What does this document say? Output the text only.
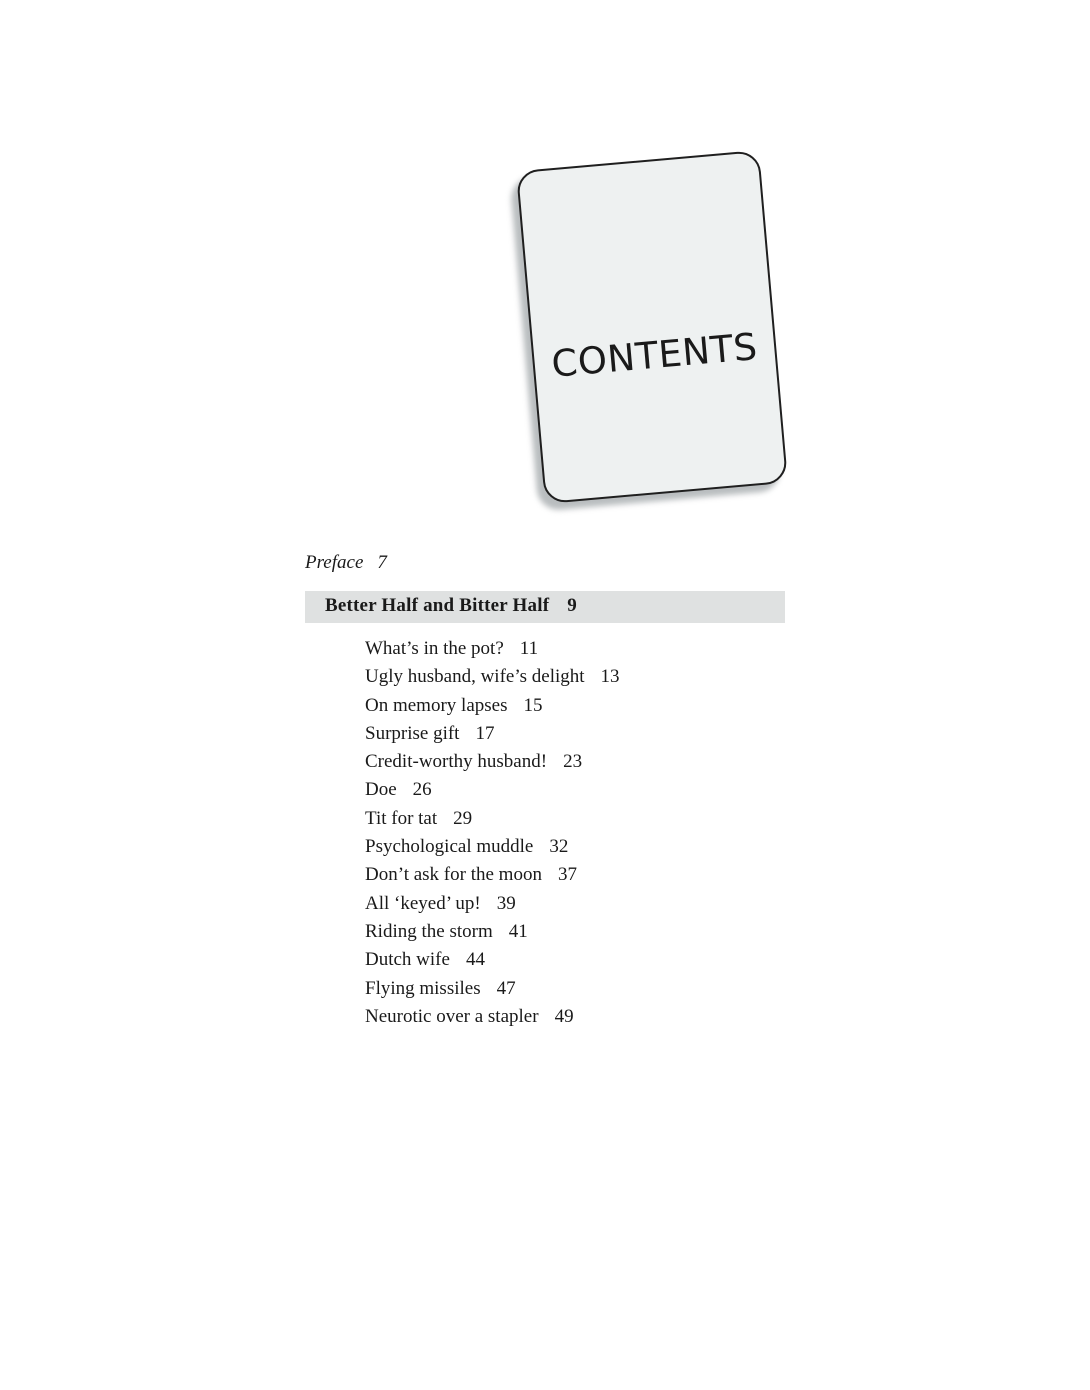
CONTENTS
Preface 7
Better Half and Bitter Half 9
What’s in the pot? 11
Ugly husband, wife’s delight 13
On memory lapses 15
Surprise gift 17
Credit-worthy husband! 23
Doe 26
Tit for tat 29
Psychological muddle 32
Don’t ask for the moon 37
All ‘keyed’ up! 39
Riding the storm 41
Dutch wife 44
Flying missiles 47
Neurotic over a stapler 49
